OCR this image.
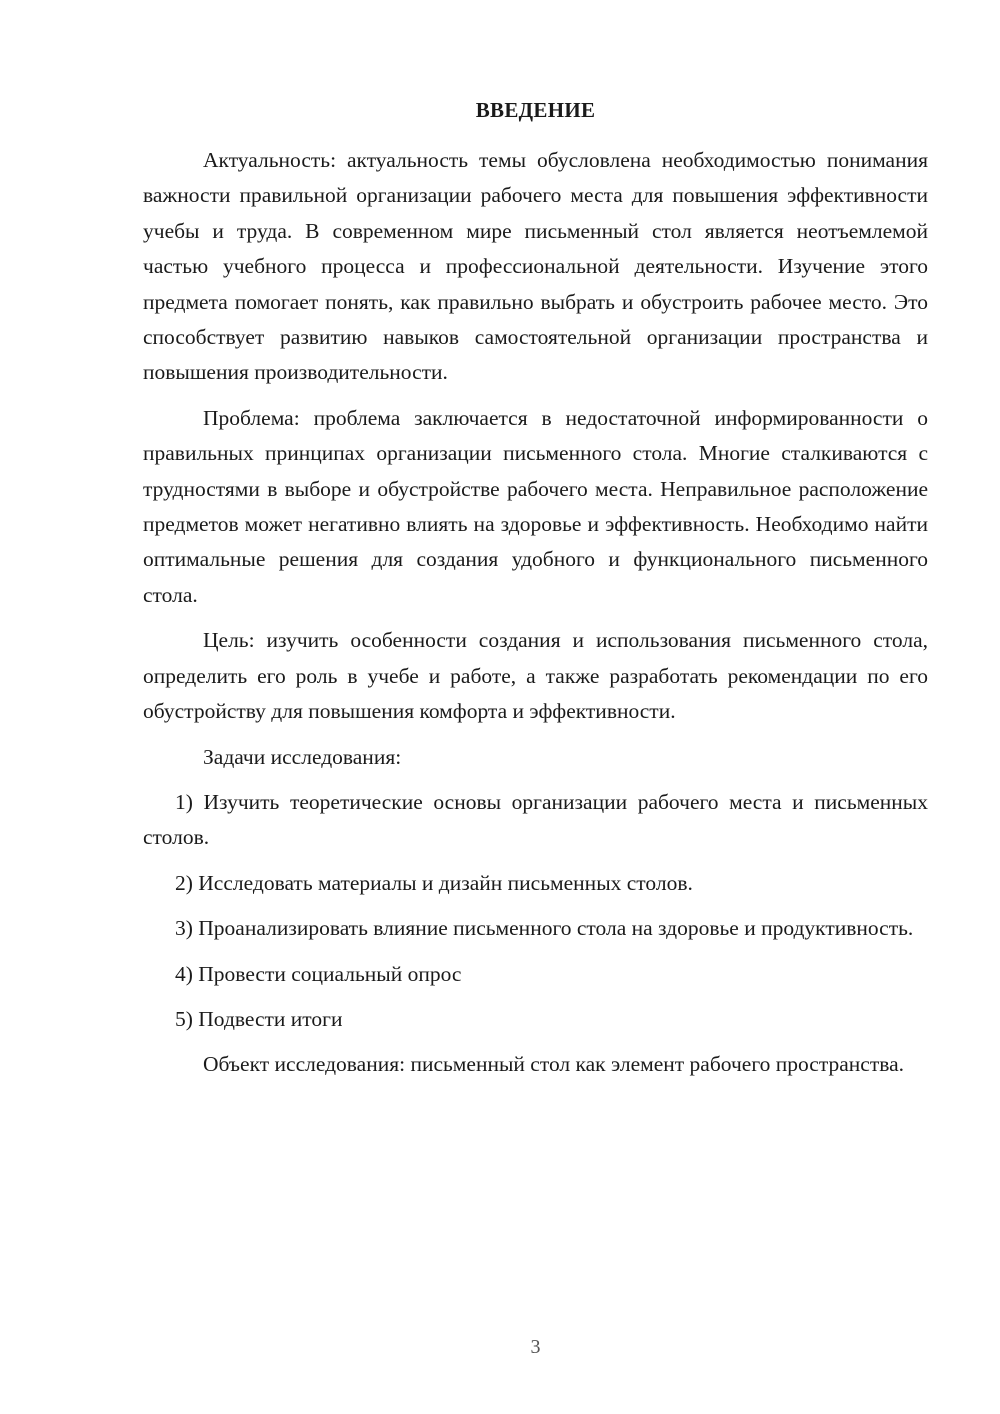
ВВЕДЕНИЕ

Актуальность: актуальность темы обусловлена необходимостью понимания важности правильной организации рабочего места для повышения эффективности учебы и труда. В современном мире письменный стол является неотъемлемой частью учебного процесса и профессиональной деятельности. Изучение этого предмета помогает понять, как правильно выбрать и обустроить рабочее место. Это способствует развитию навыков самостоятельной организации пространства и повышения производительности.

Проблема: проблема заключается в недостаточной информированности о правильных принципах организации письменного стола. Многие сталкиваются с трудностями в выборе и обустройстве рабочего места. Неправильное расположение предметов может негативно влиять на здоровье и эффективность. Необходимо найти оптимальные решения для создания удобного и функционального письменного стола.

Цель: изучить особенности создания и использования письменного стола, определить его роль в учебе и работе, а также разработать рекомендации по его обустройству для повышения комфорта и эффективности.

Задачи исследования:

1) Изучить теоретические основы организации рабочего места и письменных столов.

2) Исследовать материалы и дизайн письменных столов.

3) Проанализировать влияние письменного стола на здоровье и продуктивность.

4) Провести социальный опрос

5) Подвести итоги

Объект исследования: письменный стол как элемент рабочего пространства.

3
